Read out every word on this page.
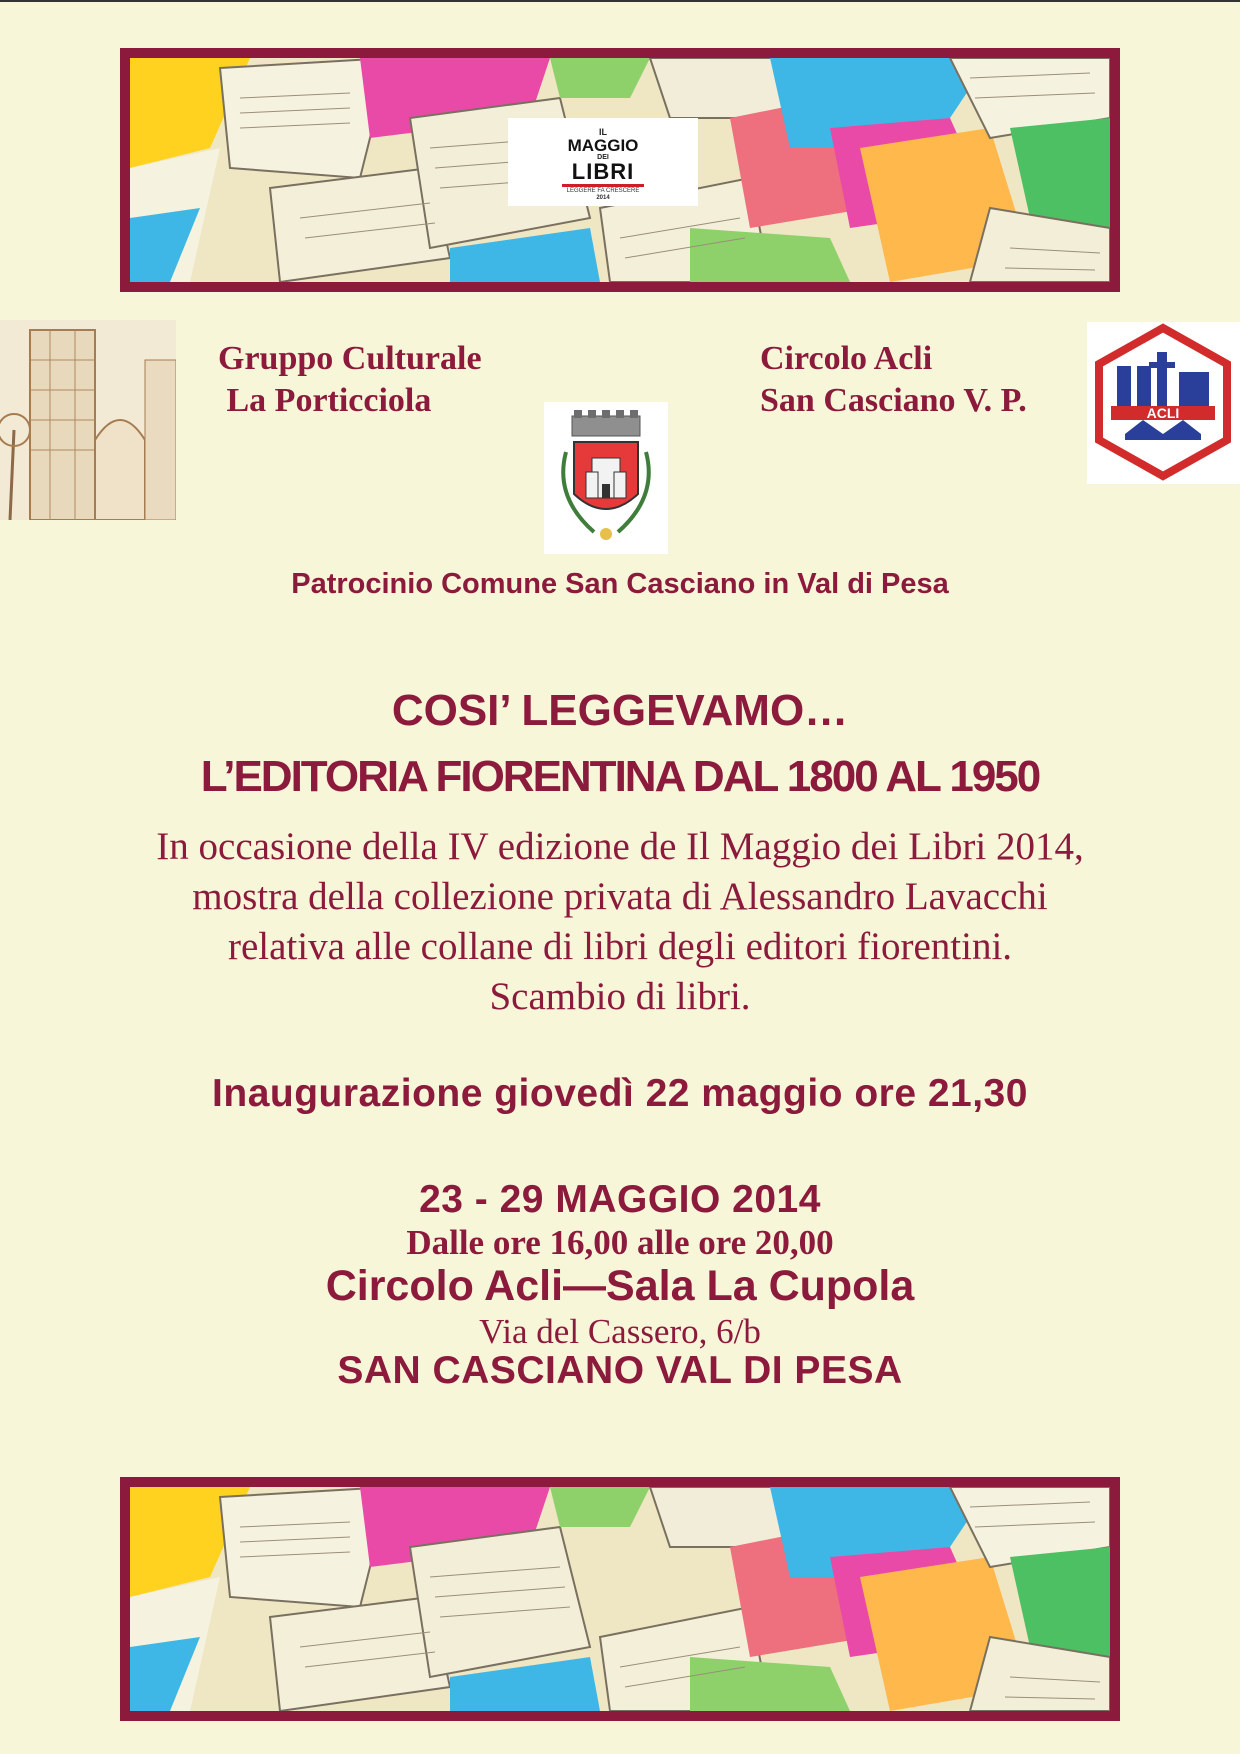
IL
MAGGIO
DEI
LIBRI
LEGGERE FA CRESCERE
2014
Gruppo Culturale
La Porticciola
Circolo Acli
San Casciano V. P.	ACLI
Patrocinio Comune San Casciano in Val di Pesa
COSI’ LEGGEVAMO…
L’EDITORIA FIORENTINA DAL 1800 AL 1950
In occasione della IV edizione de Il Maggio dei Libri 2014,
mostra della collezione privata di Alessandro Lavacchi
relativa alle collane di libri degli editori fiorentini.
Scambio di libri.
Inaugurazione giovedì 22 maggio ore 21,30
23 - 29 MAGGIO 2014
Dalle ore 16,00 alle ore 20,00
Circolo Acli—Sala La Cupola
Via del Cassero, 6/b
SAN CASCIANO VAL DI PESA
